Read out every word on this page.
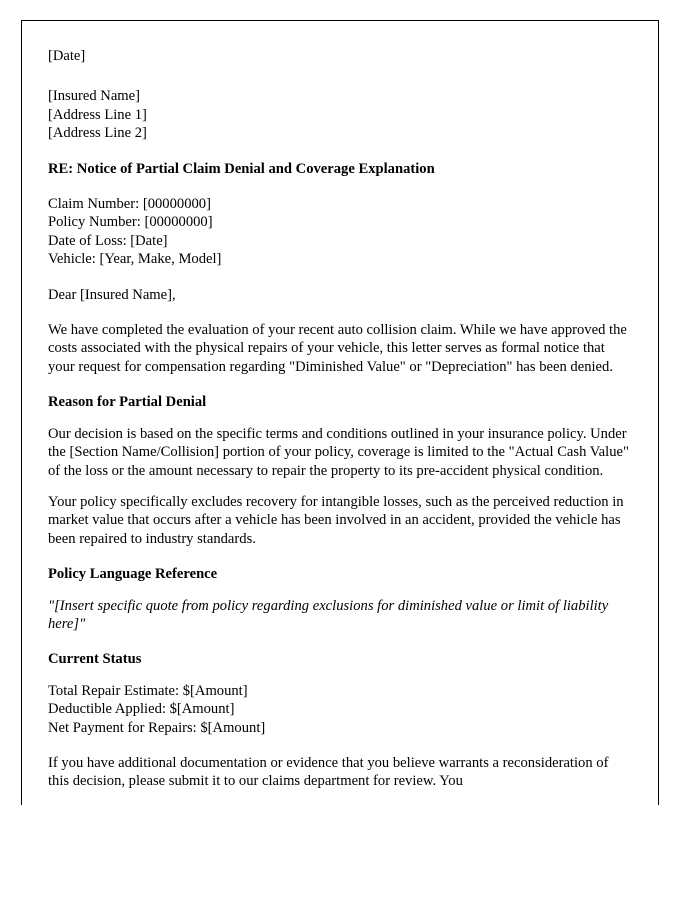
[Date]
[Insured Name]
[Address Line 1]
[Address Line 2]
RE: Notice of Partial Claim Denial and Coverage Explanation
Claim Number: [00000000]
Policy Number: [00000000]
Date of Loss: [Date]
Vehicle: [Year, Make, Model]
Dear [Insured Name],

We have completed the evaluation of your recent auto collision claim. While we have approved the costs associated with the physical repairs of your vehicle, this letter serves as formal notice that your request for compensation regarding "Diminished Value" or "Depreciation" has been denied.

Reason for Partial Denial

Our decision is based on the specific terms and conditions outlined in your insurance policy. Under the [Section Name/Collision] portion of your policy, coverage is limited to the "Actual Cash Value" of the loss or the amount necessary to repair the property to its pre-accident physical condition.

Your policy specifically excludes recovery for intangible losses, such as the perceived reduction in market value that occurs after a vehicle has been involved in an accident, provided the vehicle has been repaired to industry standards.

Policy Language Reference

"[Insert specific quote from policy regarding exclusions for diminished value or limit of liability here]"

Current Status
Total Repair Estimate: $[Amount]
Deductible Applied: $[Amount]
Net Payment for Repairs: $[Amount]

If you have additional documentation or evidence that you believe warrants a reconsideration of this decision, please submit it to our claims department for review. You
